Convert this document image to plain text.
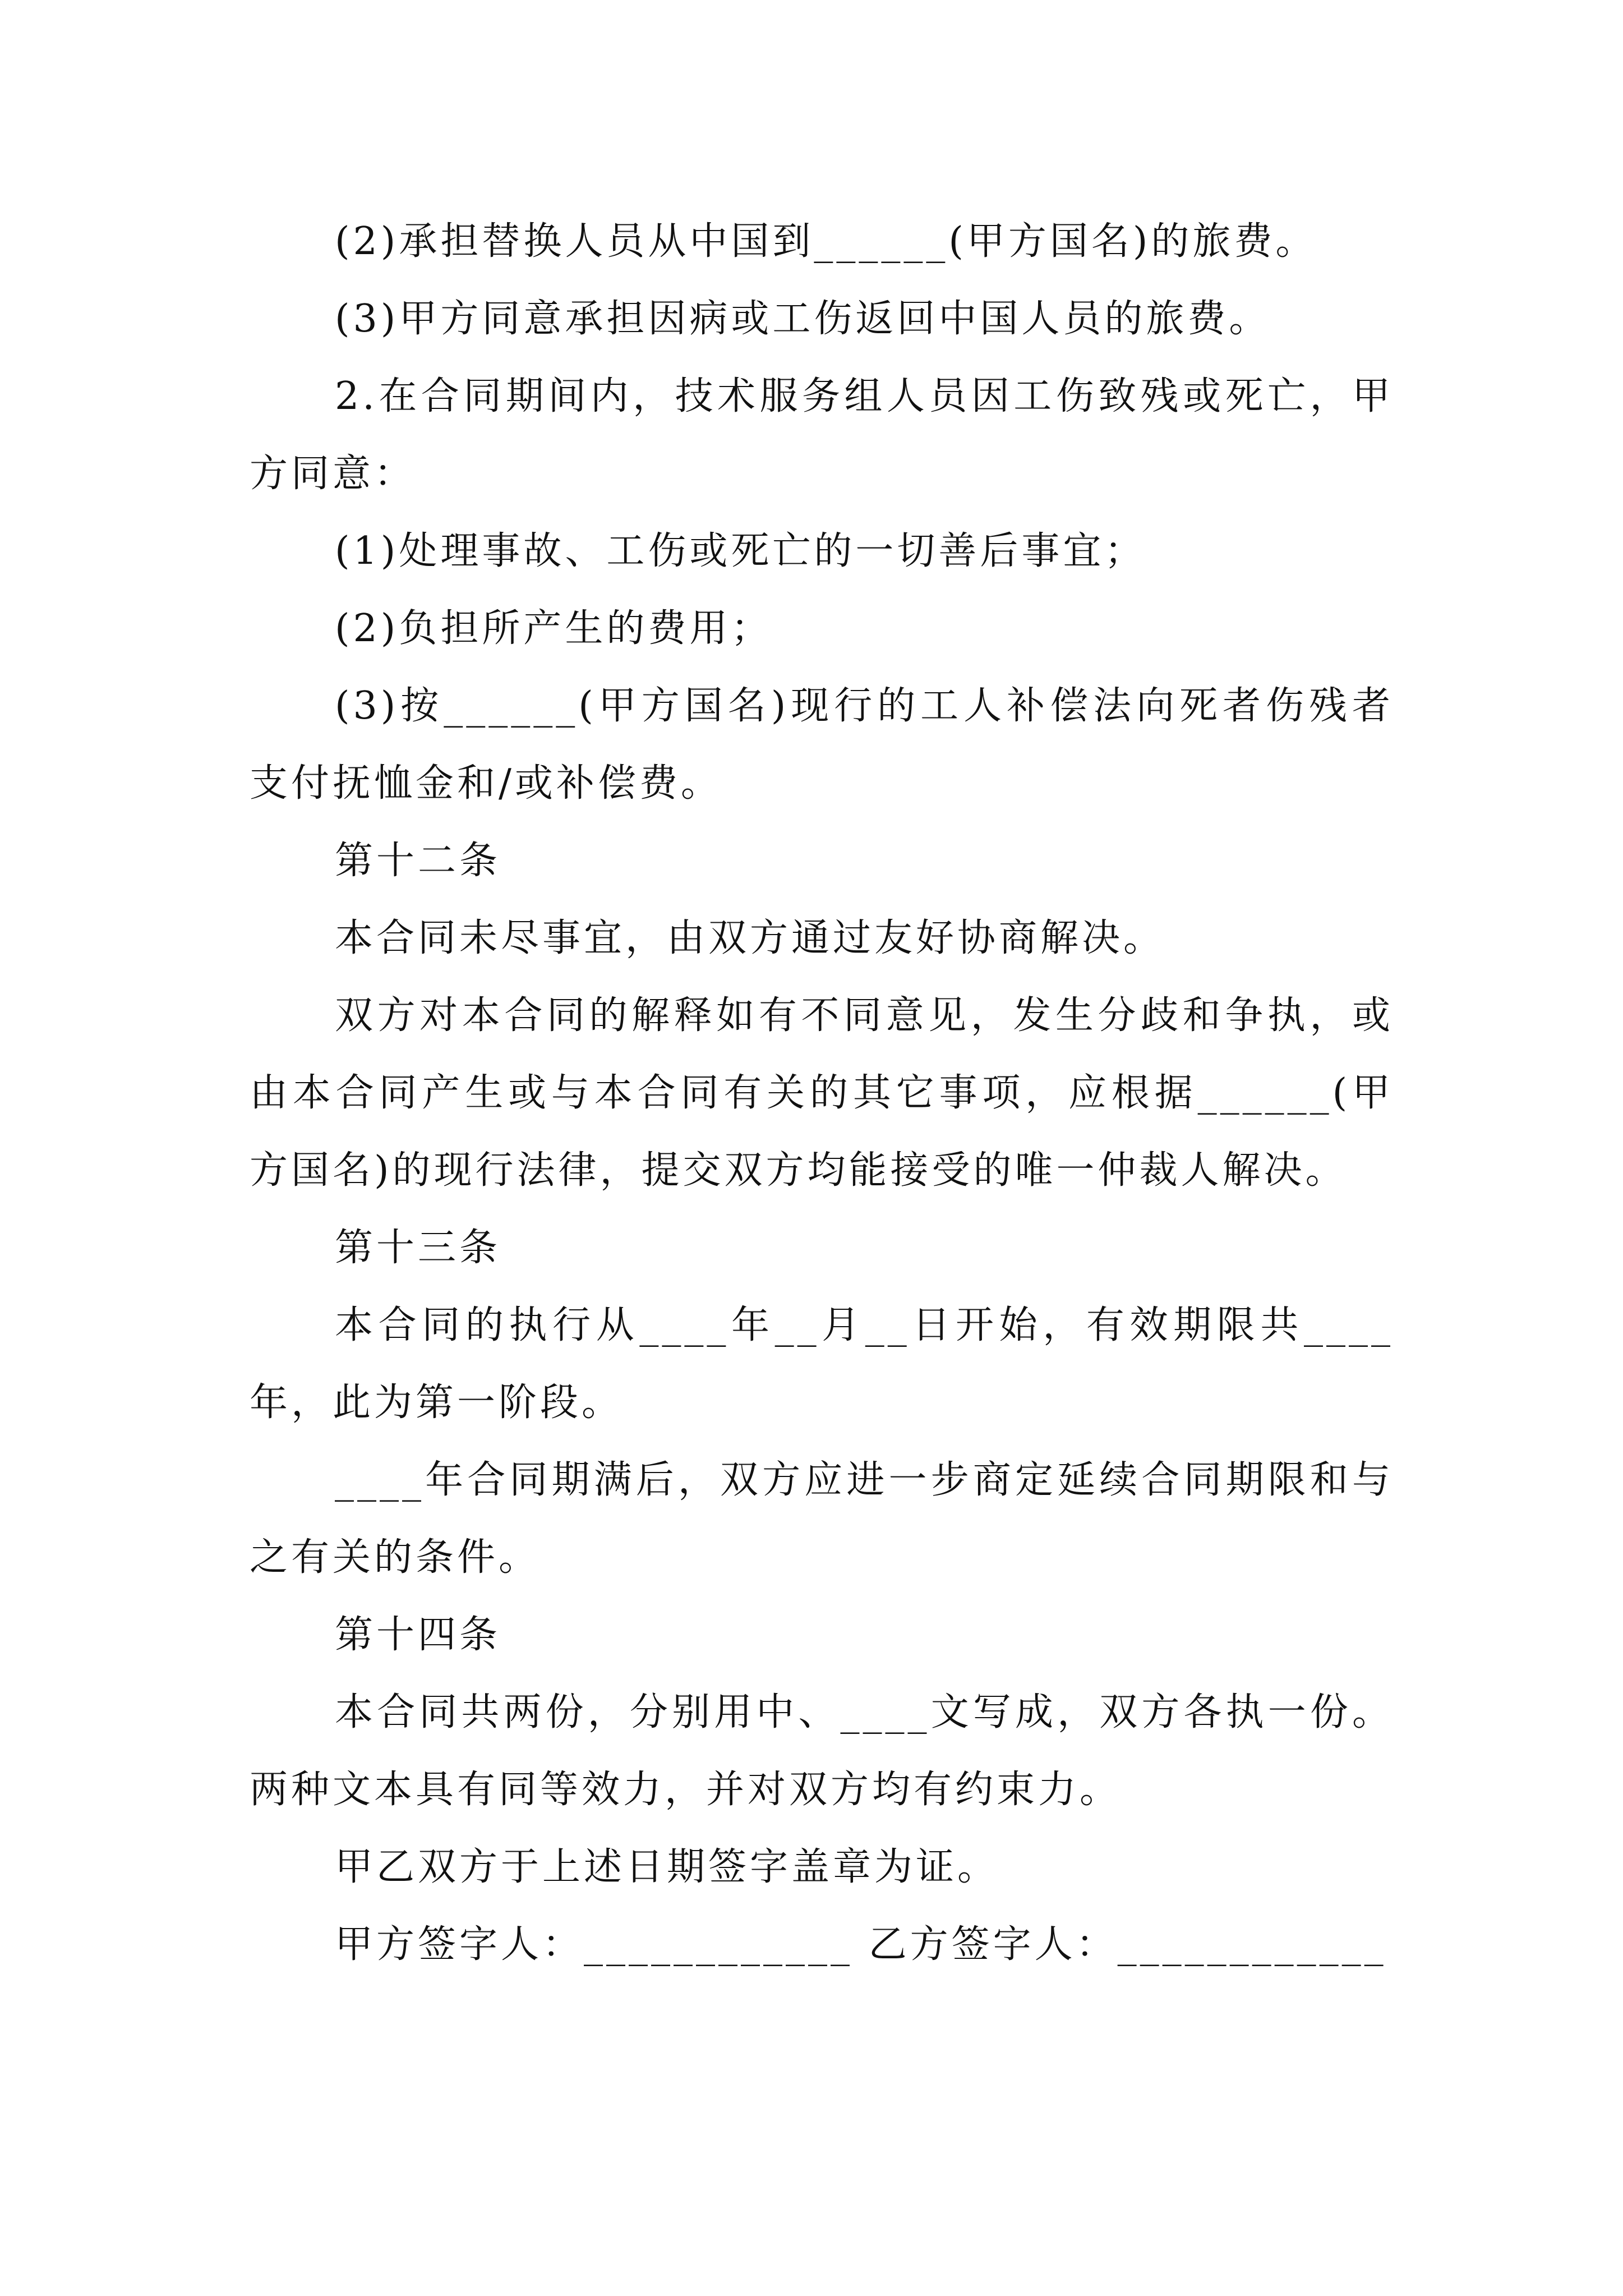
(2)承担替换人员从中国到______(甲方国名)的旅费。

(3)甲方同意承担因病或工伤返回中国人员的旅费。

2.在合同期间内，技术服务组人员因工伤致残或死亡，甲方同意：

(1)处理事故、工伤或死亡的一切善后事宜；

(2)负担所产生的费用；

(3)按______(甲方国名)现行的工人补偿法向死者伤残者支付抚恤金和/或补偿费。

第十二条

本合同未尽事宜，由双方通过友好协商解决。

双方对本合同的解释如有不同意见，发生分歧和争执，或由本合同产生或与本合同有关的其它事项，应根据______(甲方国名)的现行法律，提交双方均能接受的唯一仲裁人解决。

第十三条

本合同的执行从____年__月__日开始，有效期限共____年，此为第一阶段。

____年合同期满后，双方应进一步商定延续合同期限和与之有关的条件。

第十四条

本合同共两份，分别用中、____文写成，双方各执一份。两种文本具有同等效力，并对双方均有约束力。

甲乙双方于上述日期签字盖章为证。

甲方签字人：____________ 乙方签字人：____________
